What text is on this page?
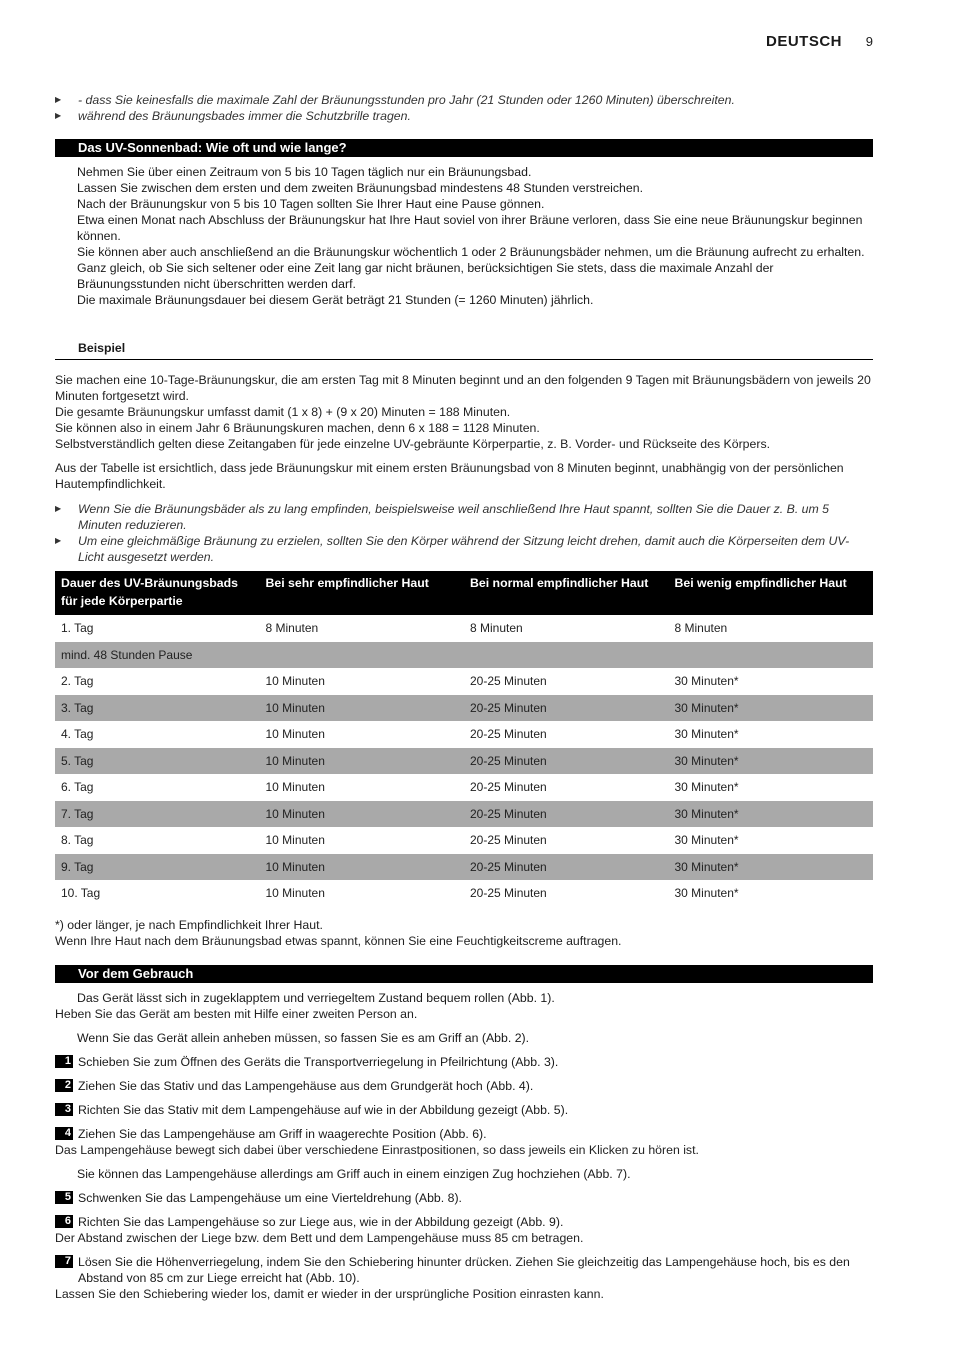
DEUTSCH 9
▶ - dass Sie keinesfalls die maximale Zahl der Bräunungsstunden pro Jahr (21 Stunden oder 1260 Minuten) überschreiten.
▶ während des Bräunungsbades immer die Schutzbrille tragen.
Das UV-Sonnenbad: Wie oft und wie lange?

Nehmen Sie über einen Zeitraum von 5 bis 10 Tagen täglich nur ein Bräunungsbad.

Lassen Sie zwischen dem ersten und dem zweiten Bräunungsbad mindestens 48 Stunden verstreichen.

Nach der Bräunungskur von 5 bis 10 Tagen sollten Sie Ihrer Haut eine Pause gönnen.

Etwa einen Monat nach Abschluss der Bräunungskur hat Ihre Haut soviel von ihrer Bräune verloren, dass Sie eine neue Bräunungskur beginnen können.

Sie können aber auch anschließend an die Bräunungskur wöchentlich 1 oder 2 Bräunungsbäder nehmen, um die Bräunung aufrecht zu erhalten.

Ganz gleich, ob Sie sich seltener oder eine Zeit lang gar nicht bräunen, berücksichtigen Sie stets, dass die maximale Anzahl der Bräunungsstunden nicht überschritten werden darf.

Die maximale Bräunungsdauer bei diesem Gerät beträgt 21 Stunden (= 1260 Minuten) jährlich.

Beispiel

Sie machen eine 10-Tage-Bräunungskur, die am ersten Tag mit 8 Minuten beginnt und an den folgenden 9 Tagen mit Bräunungsbädern von jeweils 20 Minuten fortgesetzt wird.

Die gesamte Bräunungskur umfasst damit (1 x 8) + (9 x 20) Minuten = 188 Minuten.

Sie können also in einem Jahr 6 Bräunungskuren machen, denn 6 x 188 = 1128 Minuten.

Selbstverständlich gelten diese Zeitangaben für jede einzelne UV-gebräunte Körperpartie, z. B. Vorder- und Rückseite des Körpers.

Aus der Tabelle ist ersichtlich, dass jede Bräunungskur mit einem ersten Bräunungsbad von 8 Minuten beginnt, unabhängig von der persönlichen Hautempfindlichkeit.
▶ Wenn Sie die Bräunungsbäder als zu lang empfinden, beispielsweise weil anschließend Ihre Haut spannt, sollten Sie die Dauer z. B. um 5 Minuten reduzieren.
▶ Um eine gleichmäßige Bräunung zu erzielen, sollten Sie den Körper während der Sitzung leicht drehen, damit auch die Körperseiten dem UV-Licht ausgesetzt werden.
Dauer des UV-Bräunungsbads für jede Körperpartie	Bei sehr empfindlicher Haut	Bei normal empfindlicher Haut	Bei wenig empfindlicher Haut
1. Tag	8 Minuten	8 Minuten	8 Minuten
mind. 48 Stunden Pause			
2. Tag	10 Minuten	20-25 Minuten	30 Minuten*
3. Tag	10 Minuten	20-25 Minuten	30 Minuten*
4. Tag	10 Minuten	20-25 Minuten	30 Minuten*
5. Tag	10 Minuten	20-25 Minuten	30 Minuten*
6. Tag	10 Minuten	20-25 Minuten	30 Minuten*
7. Tag	10 Minuten	20-25 Minuten	30 Minuten*
8. Tag	10 Minuten	20-25 Minuten	30 Minuten*
9. Tag	10 Minuten	20-25 Minuten	30 Minuten*
10. Tag	10 Minuten	20-25 Minuten	30 Minuten*

*) oder länger, je nach Empfindlichkeit Ihrer Haut.

Wenn Ihre Haut nach dem Bräunungsbad etwas spannt, können Sie eine Feuchtigkeitscreme auftragen.

Vor dem Gebrauch
Das Gerät lässt sich in zugeklapptem und verriegeltem Zustand bequem rollen (Abb. 1).
Heben Sie das Gerät am besten mit Hilfe einer zweiten Person an.
Wenn Sie das Gerät allein anheben müssen, so fassen Sie es am Griff an (Abb. 2).
1 Schieben Sie zum Öffnen des Geräts die Transportverriegelung in Pfeilrichtung (Abb. 3).
2 Ziehen Sie das Stativ und das Lampengehäuse aus dem Grundgerät hoch (Abb. 4).
3 Richten Sie das Stativ mit dem Lampengehäuse auf wie in der Abbildung gezeigt (Abb. 5).
4 Ziehen Sie das Lampengehäuse am Griff in waagerechte Position (Abb. 6).
Das Lampengehäuse bewegt sich dabei über verschiedene Einrastpositionen, so dass jeweils ein Klicken zu hören ist.
Sie können das Lampengehäuse allerdings am Griff auch in einem einzigen Zug hochziehen (Abb. 7).
5 Schwenken Sie das Lampengehäuse um eine Vierteldrehung (Abb. 8).
6 Richten Sie das Lampengehäuse so zur Liege aus, wie in der Abbildung gezeigt (Abb. 9).
Der Abstand zwischen der Liege bzw. dem Bett und dem Lampengehäuse muss 85 cm betragen.
7 Lösen Sie die Höhenverriegelung, indem Sie den Schiebering hinunter drücken. Ziehen Sie gleichzeitig das Lampengehäuse hoch, bis es den Abstand von 85 cm zur Liege erreicht hat (Abb. 10).
Lassen Sie den Schiebering wieder los, damit er wieder in der ursprüngliche Position einrasten kann.
